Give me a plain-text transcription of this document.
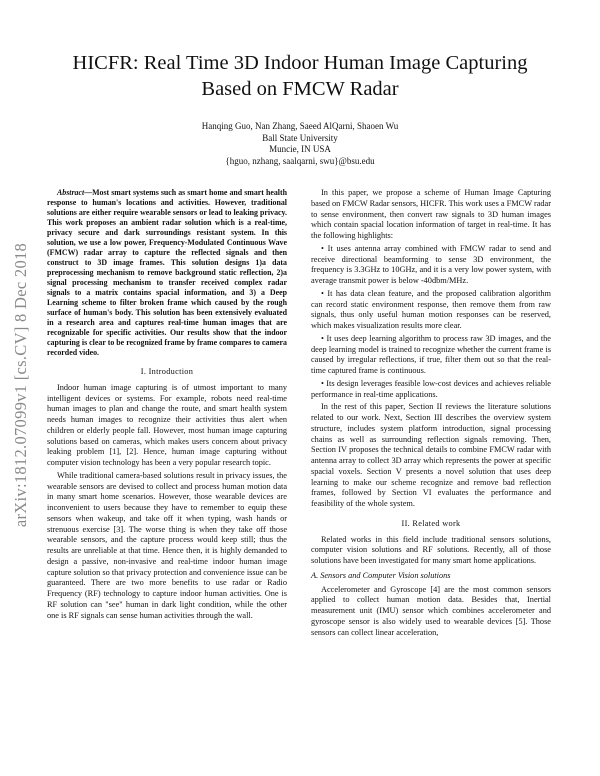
arXiv:1812.07099v1 [cs.CV] 8 Dec 2018
HICFR: Real Time 3D Indoor Human Image Capturing Based on FMCW Radar
Hanqing Guo, Nan Zhang, Saeed AlQarni, Shaoen Wu
Ball State University
Muncie, IN USA
{hguo, nzhang, saalqarni, swu}@bsu.edu

Abstract—Most smart systems such as smart home and smart health response to human's locations and activities. However, traditional solutions are either require wearable sensors or lead to leaking privacy. This work proposes an ambient radar solution which is a real-time, privacy secure and dark surroundings resistant system. In this solution, we use a low power, Frequency-Modulated Continuous Wave (FMCW) radar array to capture the reflected signals and then construct to 3D image frames. This solution designs 1)a data preprocessing mechanism to remove background static reflection, 2)a signal processing mechanism to transfer received complex radar signals to a matrix contains spacial information, and 3) a Deep Learning scheme to filter broken frame which caused by the rough surface of human's body. This solution has been extensively evaluated in a research area and captures real-time human images that are recognizable for specific activities. Our results show that the indoor capturing is clear to be recognized frame by frame compares to camera recorded video.

I. Introduction

Indoor human image capturing is of utmost important to many intelligent devices or systems. For example, robots need real-time human images to plan and change the route, and smart health system needs human images to recognize their activities thus alert when children or elderly people fall. However, most human image capturing solutions based on cameras, which makes users concern about privacy leaking problem [1], [2]. Hence, human image capturing without computer vision technology has been a very popular research topic.

While traditional camera-based solutions result in privacy issues, the wearable sensors are devised to collect and process human motion data in many smart home scenarios. However, those wearable devices are inconvenient to users because they have to remember to equip these sensors when wakeup, and take off it when typing, wash hands or strenuous exercise [3]. The worse thing is when they take off those wearable sensors, and the capture process would keep still; thus the results are unreliable at that time. Hence then, it is highly demanded to design a passive, non-invasive and real-time indoor human image capture solution so that privacy protection and convenience issue can be guaranteed. There are two more benefits to use radar or Radio Frequency (RF) technology to capture indoor human activities. One is RF solution can "see" human in dark light condition, while the other one is RF signals can sense human activities through the wall.

In this paper, we propose a scheme of Human Image Capturing based on FMCW Radar sensors, HICFR. This work uses a FMCW radar to sense environment, then convert raw signals to 3D human images which contain spacial location information of target in real-time. It has the following highlights:

• It uses antenna array combined with FMCW radar to send and receive directional beamforming to sense 3D environment, the frequency is 3.3GHz to 10GHz, and it is a very low power system, with average transmit power is below -40dbm/MHz.

• It has data clean feature, and the proposed calibration algorithm can record static environment response, then remove them from raw signals, thus only useful human motion responses can be reserved, which makes visualization results more clear.

• It uses deep learning algorithm to process raw 3D images, and the deep learning model is trained to recognize whether the current frame is caused by irregular reflections, if true, filter them out so that the real-time captured frame is continuous.

• Its design leverages feasible low-cost devices and achieves reliable performance in real-time applications.

In the rest of this paper, Section II reviews the literature solutions related to our work. Next, Section III describes the overview system structure, includes system platform introduction, signal processing chains as well as surrounding reflection signals removing. Then, Section IV proposes the technical details to combine FMCW radar with antenna array to collect 3D array which represents the power at specific spacial voxels. Section V presents a novel solution that uses deep learning to make our scheme recognize and remove bad reflection frames, followed by Section VI evaluates the performance and feasibility of the whole system.

II. Related work

Related works in this field include traditional sensors solutions, computer vision solutions and RF solutions. Recently, all of those solutions have been investigated for many smart home applications.

A. Sensors and Computer Vision solutions

Accelerometer and Gyroscope [4] are the most common sensors applied to collect human motion data. Besides that, Inertial measurement unit (IMU) sensor which combines accelerometer and gyroscope sensor is also widely used to wearable devices [5]. Those sensors can collect linear acceleration,
